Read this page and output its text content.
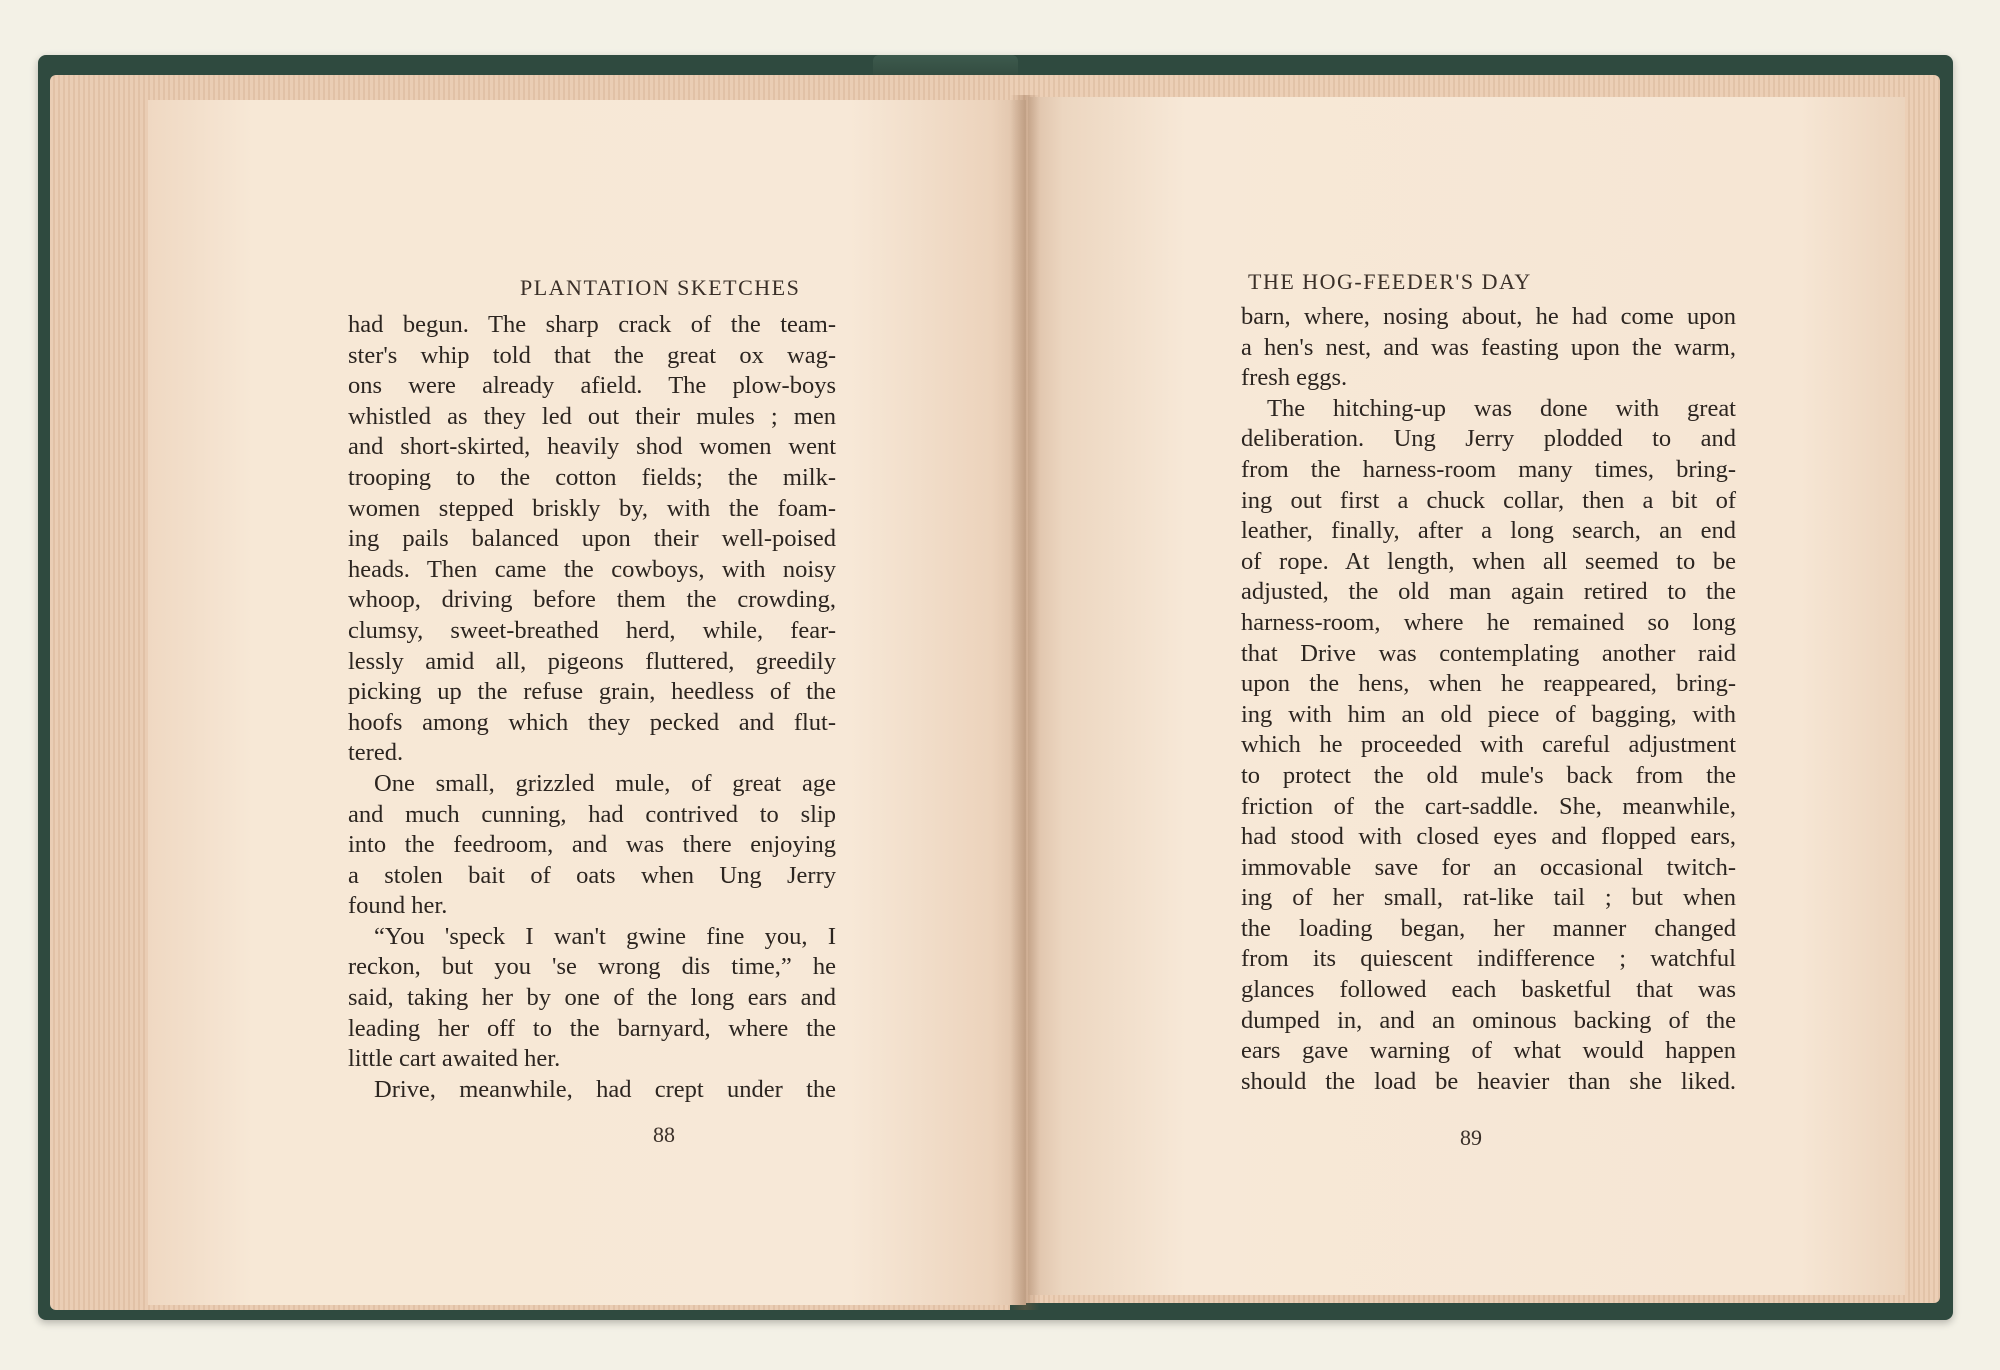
PLANTATION SKETCHES
had begun. The sharp crack of the team-
ster's whip told that the great ox wag-
ons were already afield. The plow-boys
whistled as they led out their mules ; men
and short-skirted, heavily shod women went
trooping to the cotton fields; the milk-
women stepped briskly by, with the foam-
ing pails balanced upon their well-poised
heads. Then came the cowboys, with noisy
whoop, driving before them the crowding,
clumsy, sweet-breathed herd, while, fear-
lessly amid all, pigeons fluttered, greedily
picking up the refuse grain, heedless of the
hoofs among which they pecked and flut-
tered.
One small, grizzled mule, of great age
and much cunning, had contrived to slip
into the feedroom, and was there enjoying
a stolen bait of oats when Ung Jerry
found her.
“You 'speck I wan't gwine fine you, I
reckon, but you 'se wrong dis time,” he
said, taking her by one of the long ears and
leading her off to the barnyard, where the
little cart awaited her.
Drive, meanwhile, had crept under the
88
THE HOG-FEEDER'S DAY
barn, where, nosing about, he had come upon
a hen's nest, and was feasting upon the warm,
fresh eggs.
The hitching-up was done with great
deliberation. Ung Jerry plodded to and
from the harness-room many times, bring-
ing out first a chuck collar, then a bit of
leather, finally, after a long search, an end
of rope. At length, when all seemed to be
adjusted, the old man again retired to the
harness-room, where he remained so long
that Drive was contemplating another raid
upon the hens, when he reappeared, bring-
ing with him an old piece of bagging, with
which he proceeded with careful adjustment
to protect the old mule's back from the
friction of the cart-saddle. She, meanwhile,
had stood with closed eyes and flopped ears,
immovable save for an occasional twitch-
ing of her small, rat-like tail ; but when
the loading began, her manner changed
from its quiescent indifference ; watchful
glances followed each basketful that was
dumped in, and an ominous backing of the
ears gave warning of what would happen
should the load be heavier than she liked.
89
